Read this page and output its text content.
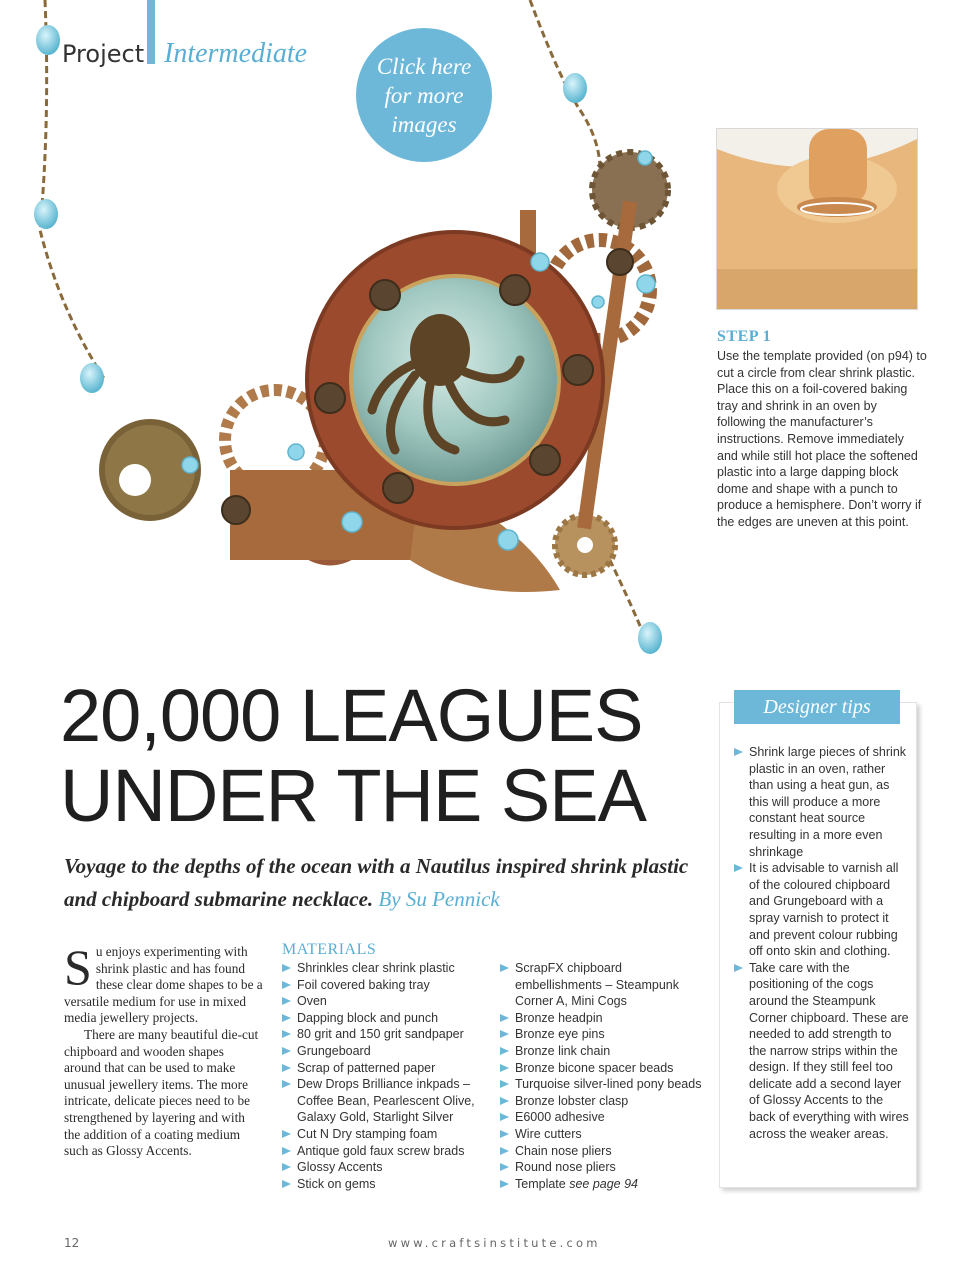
Project Intermediate	Click here
for more
images
STEP 1
Use the template provided (on p94) to cut a circle from clear shrink plastic. Place this on a foil-covered baking tray and shrink in an oven by following the manufacturer’s instructions. Remove immediately and while still hot place the softened plastic into a large dapping block dome and shape with a punch to produce a hemisphere. Don’t worry if the edges are uneven at this point.
20,000 LEAGUES
UNDER THE SEA
Voyage to the depths of the ocean with a Nautilus inspired shrink plastic and chipboard submarine necklace. By Su Pennick

Su enjoys experimenting with shrink plastic and has found these clear dome shapes to be a versatile medium for use in mixed media jewellery projects.

There are many beautiful die-cut chipboard and wooden shapes around that can be used to make unusual jewellery items. The more intricate, delicate pieces need to be strengthened by layering and with the addition of a coating medium such as Glossy Accents.

MATERIALS
Shrinkles clear shrink plastic
Foil covered baking tray
Oven
Dapping block and punch
80 grit and 150 grit sandpaper
Grungeboard
Scrap of patterned paper
Dew Drops Brilliance inkpads – Coffee Bean, Pearlescent Olive, Galaxy Gold, Starlight Silver
Cut N Dry stamping foam
Antique gold faux screw brads
Glossy Accents
Stick on gems
ScrapFX chipboard embellishments – Steampunk Corner A, Mini Cogs
Bronze headpin
Bronze eye pins
Bronze link chain
Bronze bicone spacer beads
Turquoise silver-lined pony beads
Bronze lobster clasp
E6000 adhesive
Wire cutters
Chain nose pliers
Round nose pliers
Template see page 94
Designer tips
Shrink large pieces of shrink plastic in an oven, rather than using a heat gun, as this will produce a more constant heat source resulting in a more even shrinkage
It is advisable to varnish all of the coloured chipboard and Grungeboard with a spray varnish to protect it and prevent colour rubbing off onto skin and clothing.
Take care with the positioning of the cogs around the Steampunk Corner chipboard. These are needed to add strength to the narrow strips within the design. If they still feel too delicate add a second layer of Glossy Accents to the back of everything with wires across the weaker areas.
12	www.craftsinstitute.com
